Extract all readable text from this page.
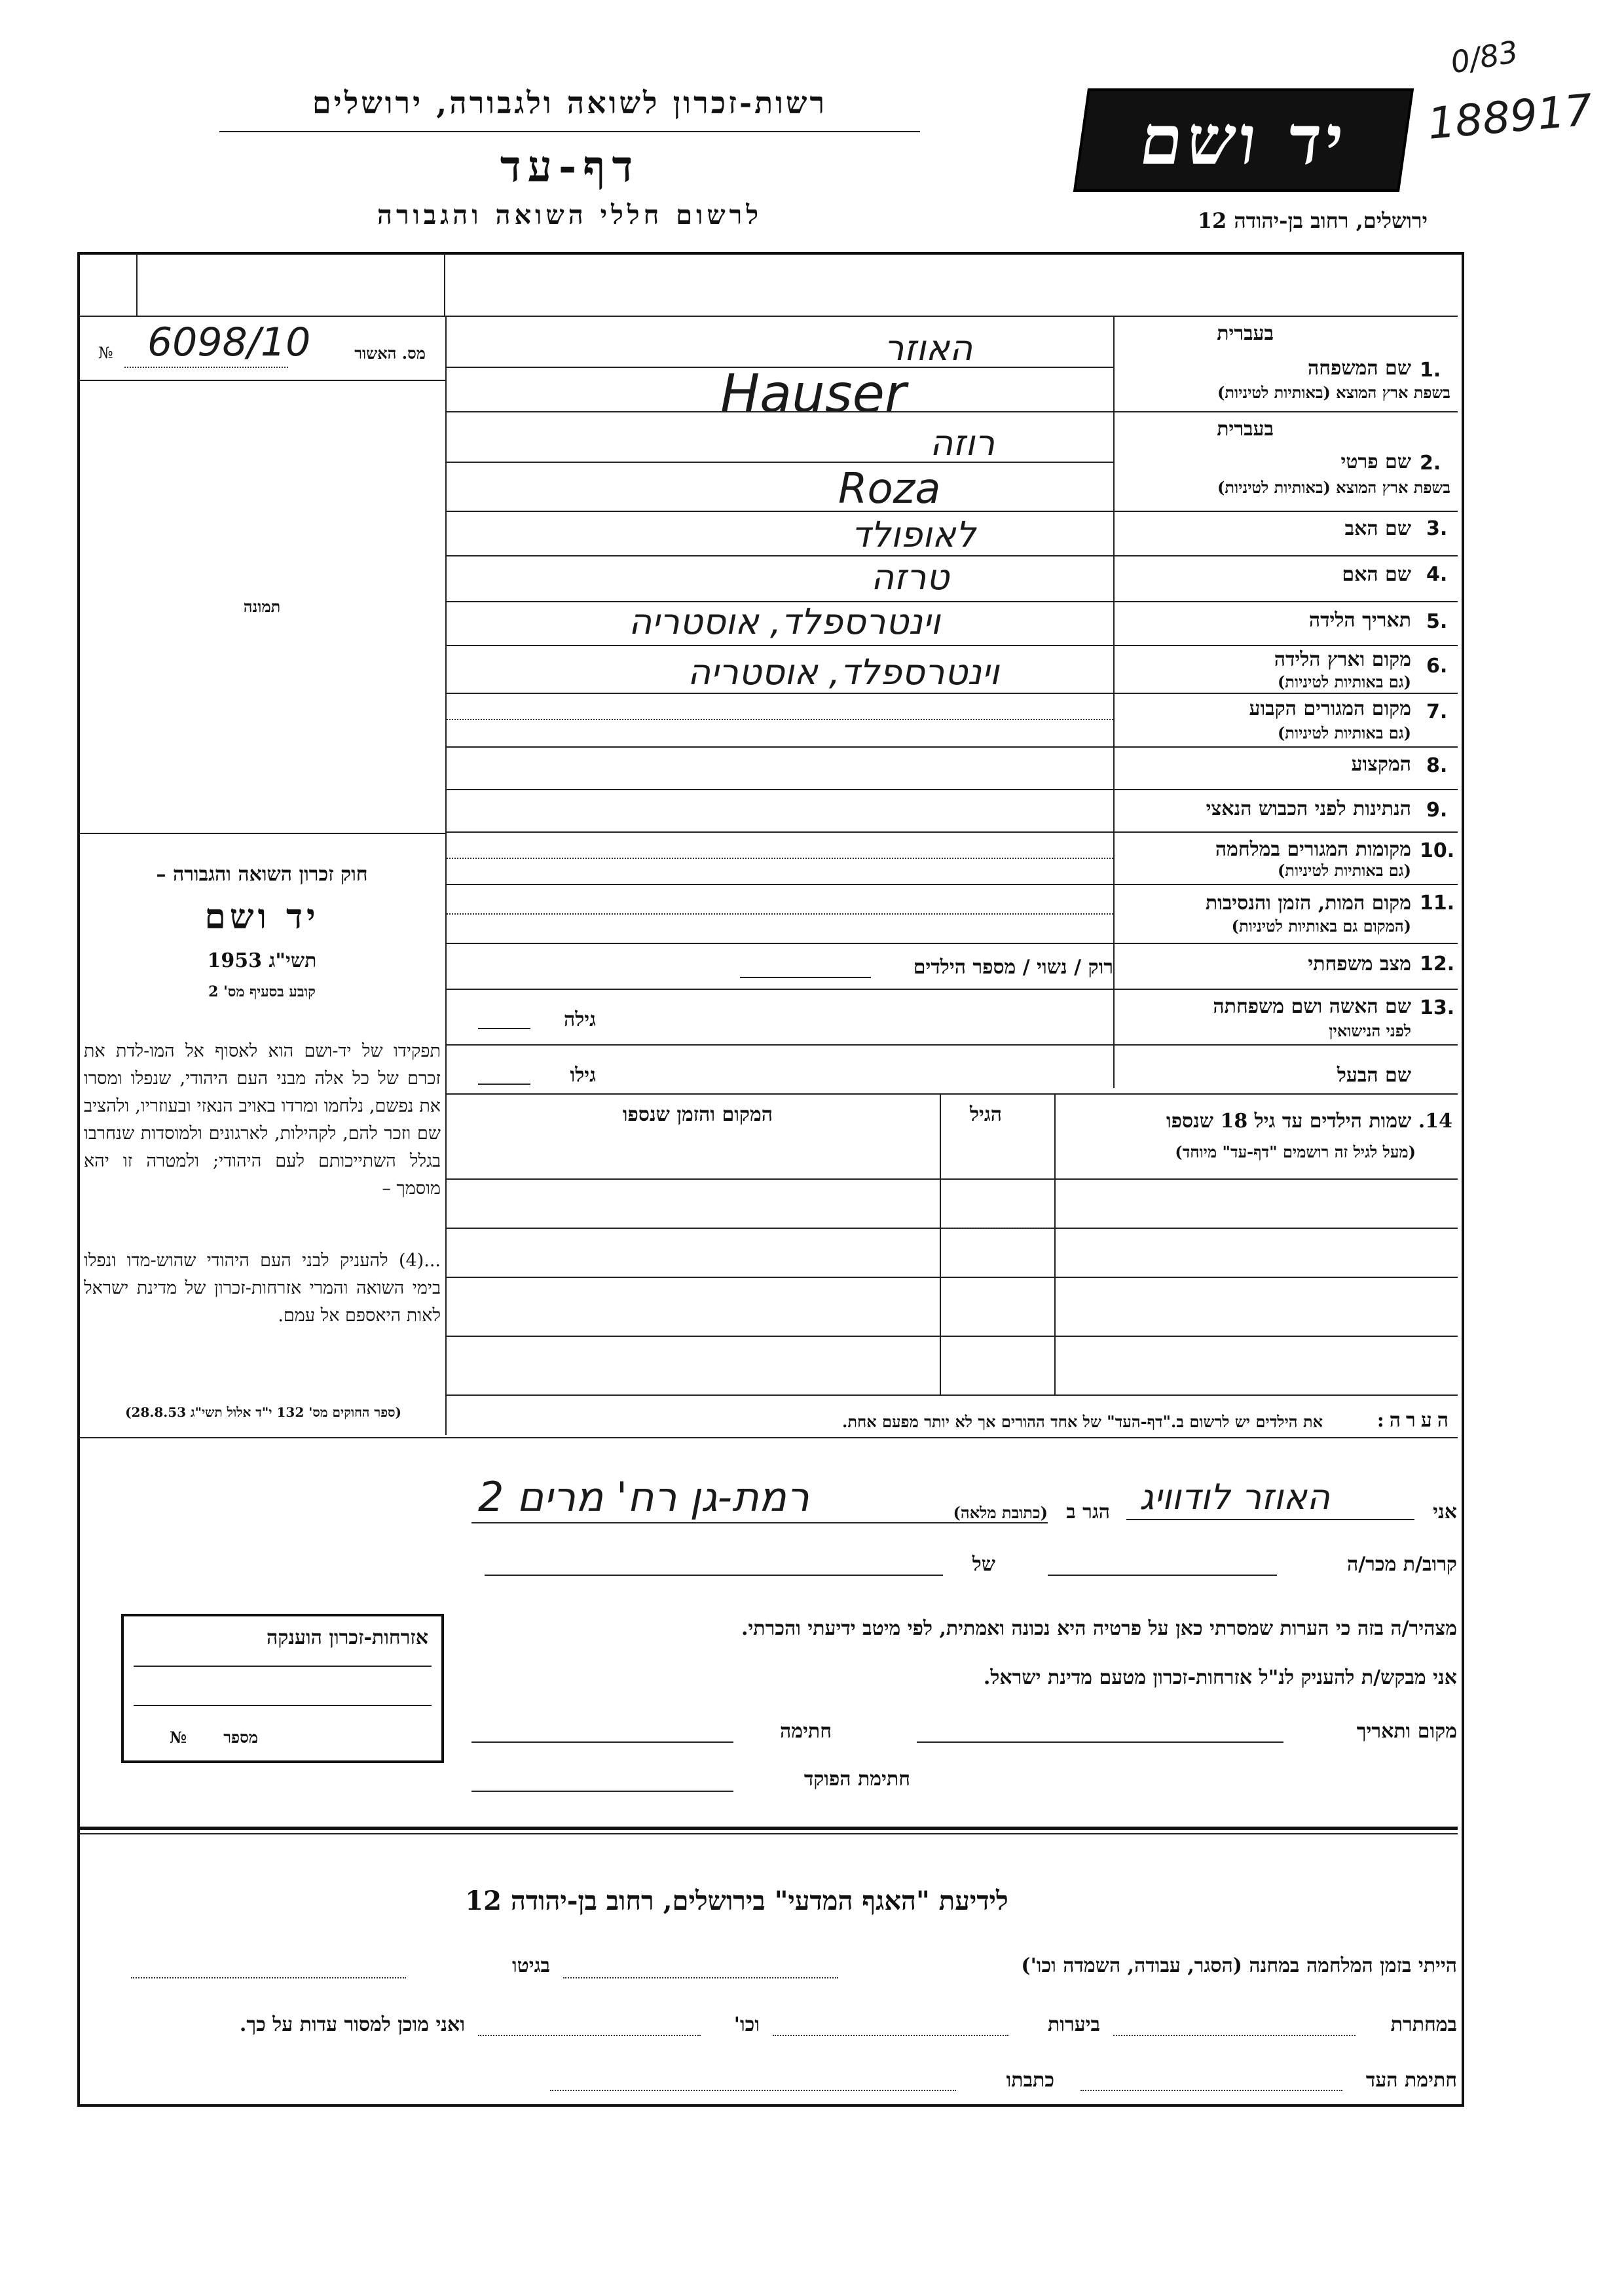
רשות-זכרון לשואה ולגבורה, ירושלים
דף-עד
לרשום חללי השואה והגבורה
יד ושם
ירושלים, רחוב בן-יהודה 12
0/83
188917
מס. האשור
№ 6098/10
תמונה
חוק זכרון השואה והגבורה –
יד ושם
תשי"ג 1953
קובע בסעיף מס' 2
תפקידו של יד-ושם הוא לאסוף אל המו-לדת את זכרם של כל אלה מבני העם היהודי, שנפלו ומסרו את נפשם, נלחמו ומרדו באויב הנאזי ובעוזריו, ולהציב שם וזכר להם, לקהילות, לארגונים ולמוסדות שנחרבו בגלל השתייכותם לעם היהודי; ולמטרה זו יהא מוסמך –
...(4) להעניק לבני העם היהודי שהוש-מדו ונפלו בימי השואה והמרי אזרחות-זכרון של מדינת ישראל לאות היאספם אל עמם.
(ספר החוקים מס' 132 י"ד אלול תשי"ג 28.8.53)
בעברית
1.
שם המשפחה
בשפת ארץ המוצא (באותיות לטיניות)
האוזר
Hauser
בעברית
2.
שם פרטי
בשפת ארץ המוצא (באותיות לטיניות)
רוזה
Roza
3.
שם האב
לאופולד
4.
שם האם
טרזה
5.
תאריך הלידה
וינטרספלד, אוסטריה
6.
מקום וארץ הלידה
(גם באותיות לטיניות)
וינטרספלד, אוסטריה
7.
מקום המגורים הקבוע
(גם באותיות לטיניות)
8.
המקצוע
9.
הנתינות לפני הכבוש הנאצי
10.
מקומות המגורים במלחמה
(גם באותיות לטיניות)
11.
מקום המות, הזמן והנסיבות
(המקום גם באותיות לטיניות)
12.
מצב משפחתי
רוק / נשוי / מספר הילדים
13.
שם האשה ושם משפחתה
לפני הנישואין
גילה
שם הבעל
גילו
14. שמות הילדים עד גיל 18 שנספו
(מעל לגיל זה רושמים "דף-עד" מיוחד)
הגיל
המקום והזמן שנספו
הערה:
את הילדים יש לרשום ב."דף-העד" של אחד ההורים אך לא יותר מפעם אחת.
אני
האוזר לודוויג
הגר ב
(כתובת מלאה)
רמת-גן רח' מרים 2
קרוב/ת מכר/ה
של
מצהיר/ה בזה כי הערות שמסרתי כאן על פרטיה היא נכונה ואמתית, לפי מיטב ידיעתי והכרתי.
אני מבקש/ת להעניק לנ"ל אזרחות-זכרון מטעם מדינת ישראל.
מקום ותאריך
חתימה
חתימת הפוקד
אזרחות-זכרון הוענקה
מספר
№
לידיעת "האגף המדעי" בירושלים, רחוב בן-יהודה 12
הייתי בזמן המלחמה במחנה (הסגר, עבודה, השמדה וכו')
בגיטו
במחתרת
ביערות
וכו'
ואני מוכן למסור עדות על כך.
חתימת העד
כתבתו
